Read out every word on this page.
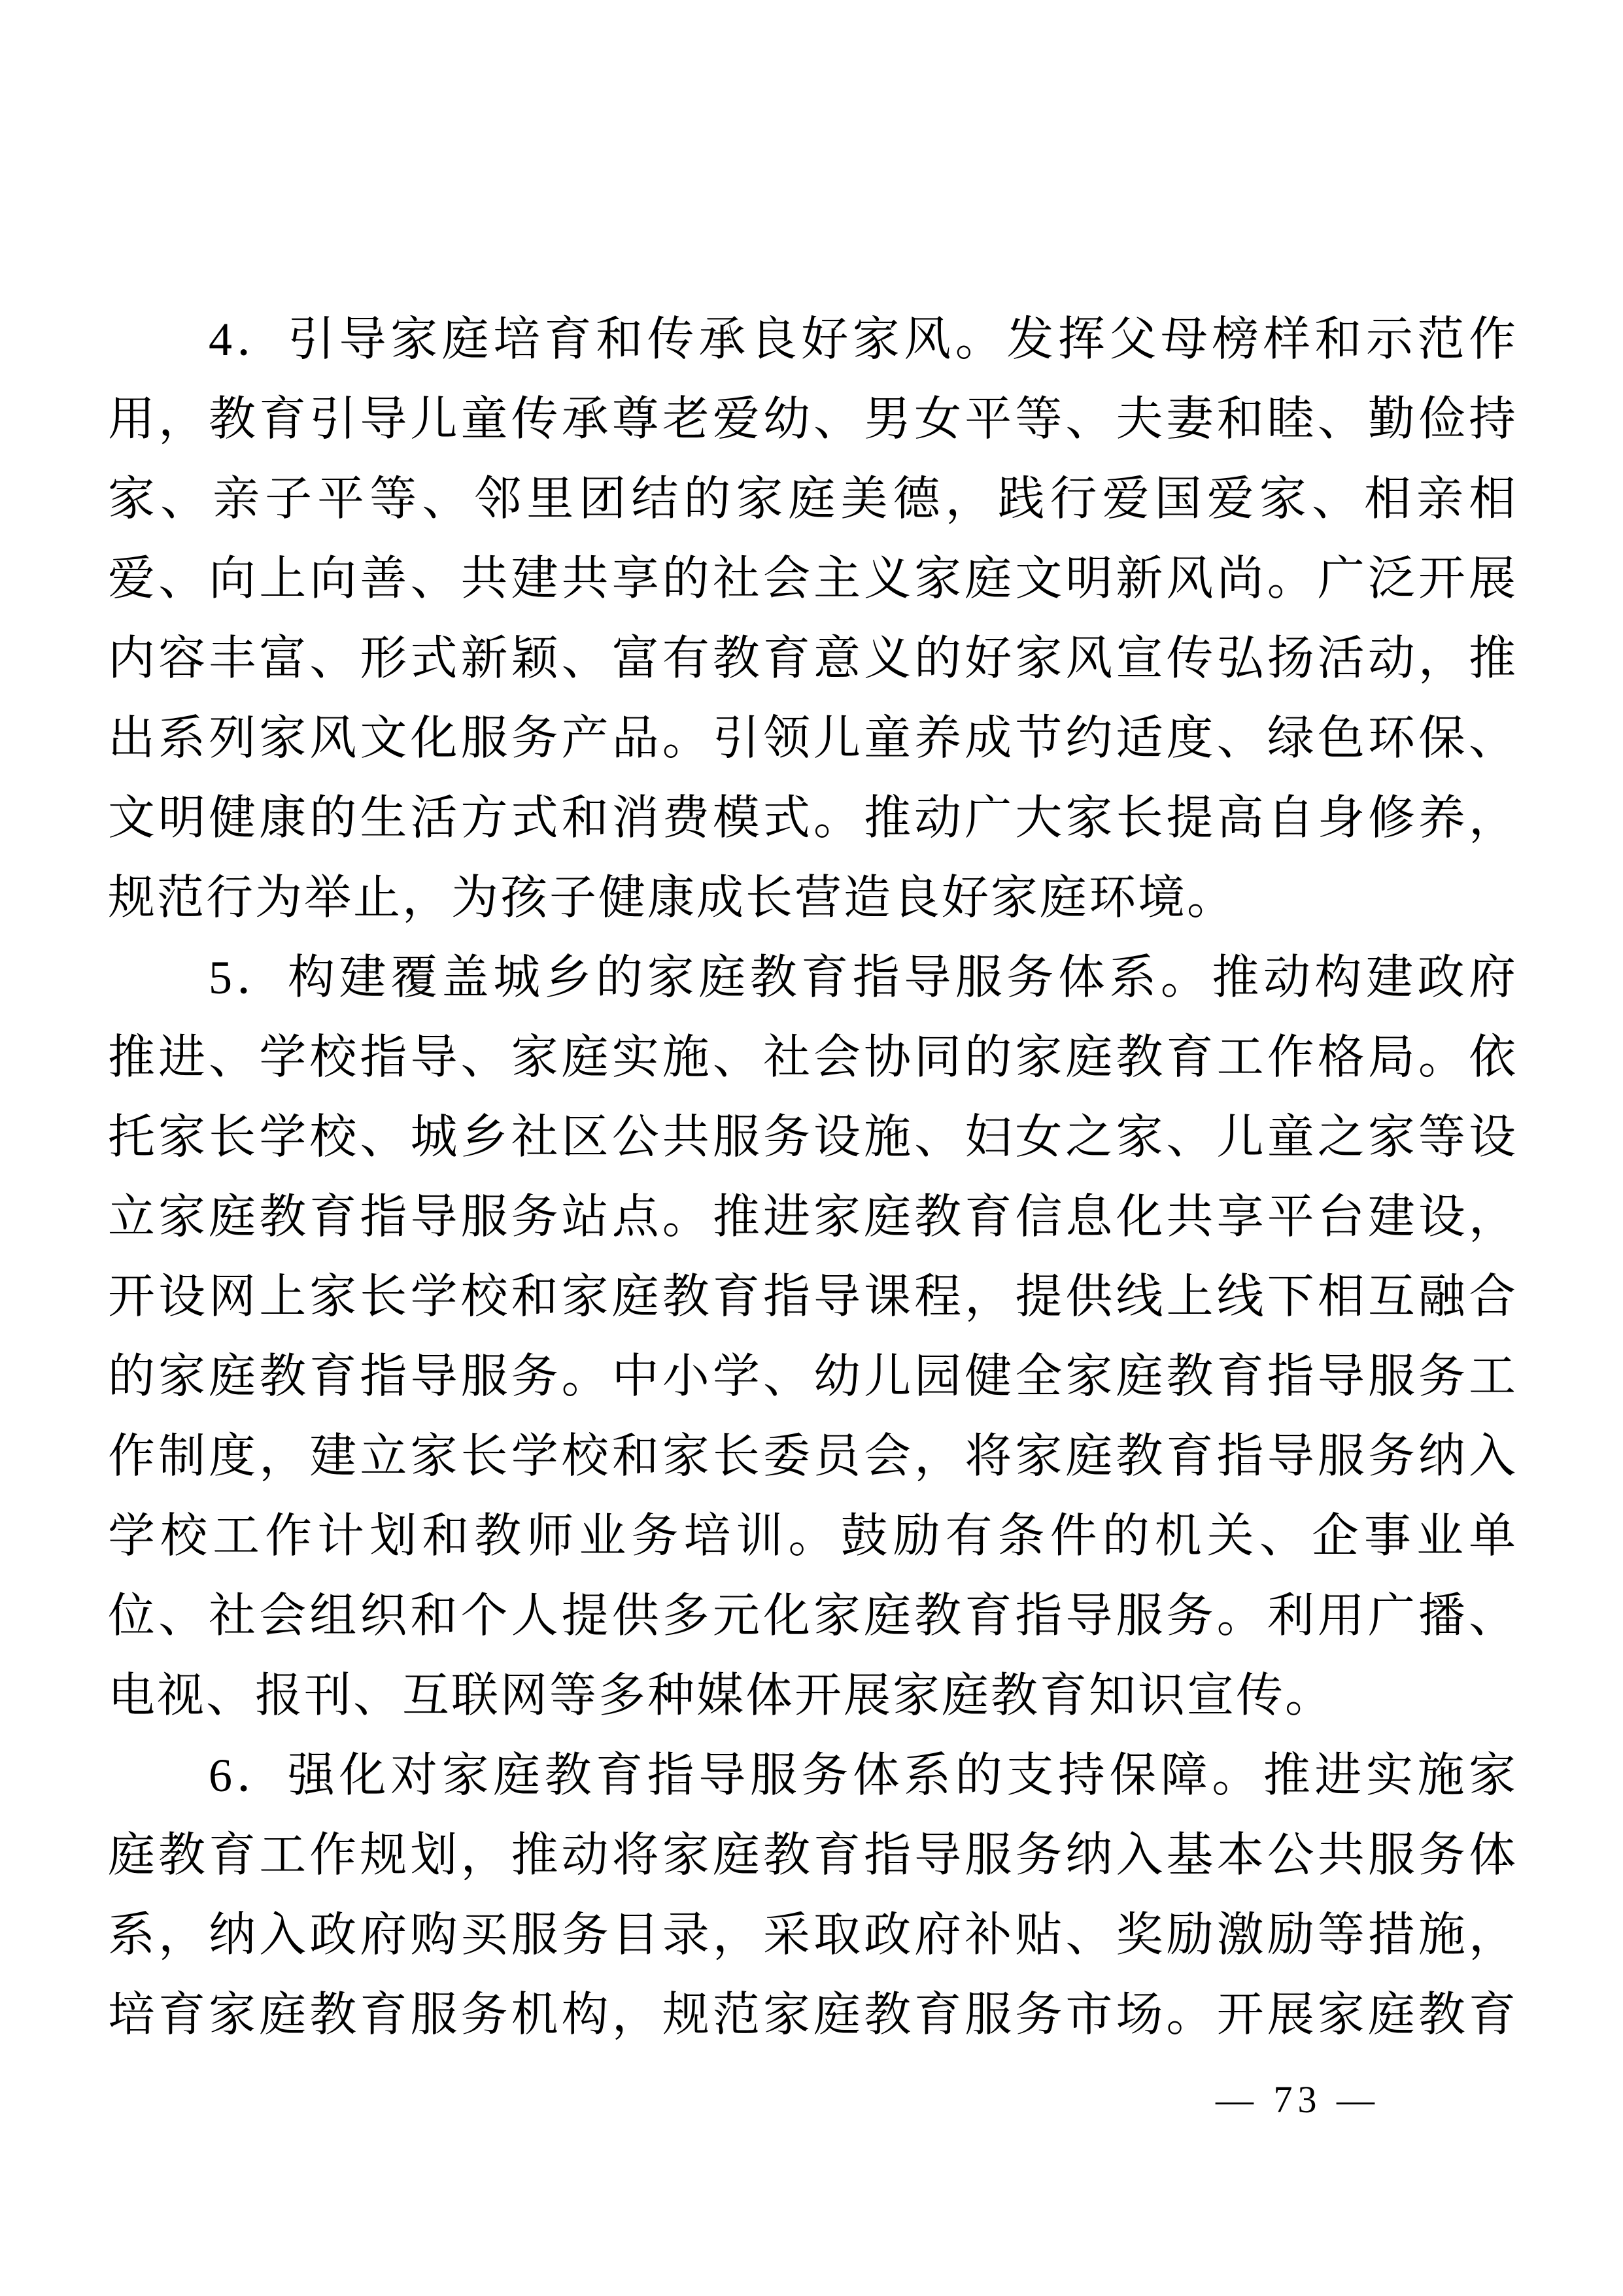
4．引导家庭培育和传承良好家风。发挥父母榜样和示范作
用，教育引导儿童传承尊老爱幼、男女平等、夫妻和睦、勤俭持
家、亲子平等、邻里团结的家庭美德，践行爱国爱家、相亲相
爱、向上向善、共建共享的社会主义家庭文明新风尚。广泛开展
内容丰富、形式新颖、富有教育意义的好家风宣传弘扬活动，推
出系列家风文化服务产品。引领儿童养成节约适度、绿色环保、
文明健康的生活方式和消费模式。推动广大家长提高自身修养，
规范行为举止，为孩子健康成长营造良好家庭环境。
5．构建覆盖城乡的家庭教育指导服务体系。推动构建政府
推进、学校指导、家庭实施、社会协同的家庭教育工作格局。依
托家长学校、城乡社区公共服务设施、妇女之家、儿童之家等设
立家庭教育指导服务站点。推进家庭教育信息化共享平台建设，
开设网上家长学校和家庭教育指导课程，提供线上线下相互融合
的家庭教育指导服务。中小学、幼儿园健全家庭教育指导服务工
作制度，建立家长学校和家长委员会，将家庭教育指导服务纳入
学校工作计划和教师业务培训。鼓励有条件的机关、企事业单
位、社会组织和个人提供多元化家庭教育指导服务。利用广播、
电视、报刊、互联网等多种媒体开展家庭教育知识宣传。
6．强化对家庭教育指导服务体系的支持保障。推进实施家
庭教育工作规划，推动将家庭教育指导服务纳入基本公共服务体
系，纳入政府购买服务目录，采取政府补贴、奖励激励等措施，
培育家庭教育服务机构，规范家庭教育服务市场。开展家庭教育
— 73 —
